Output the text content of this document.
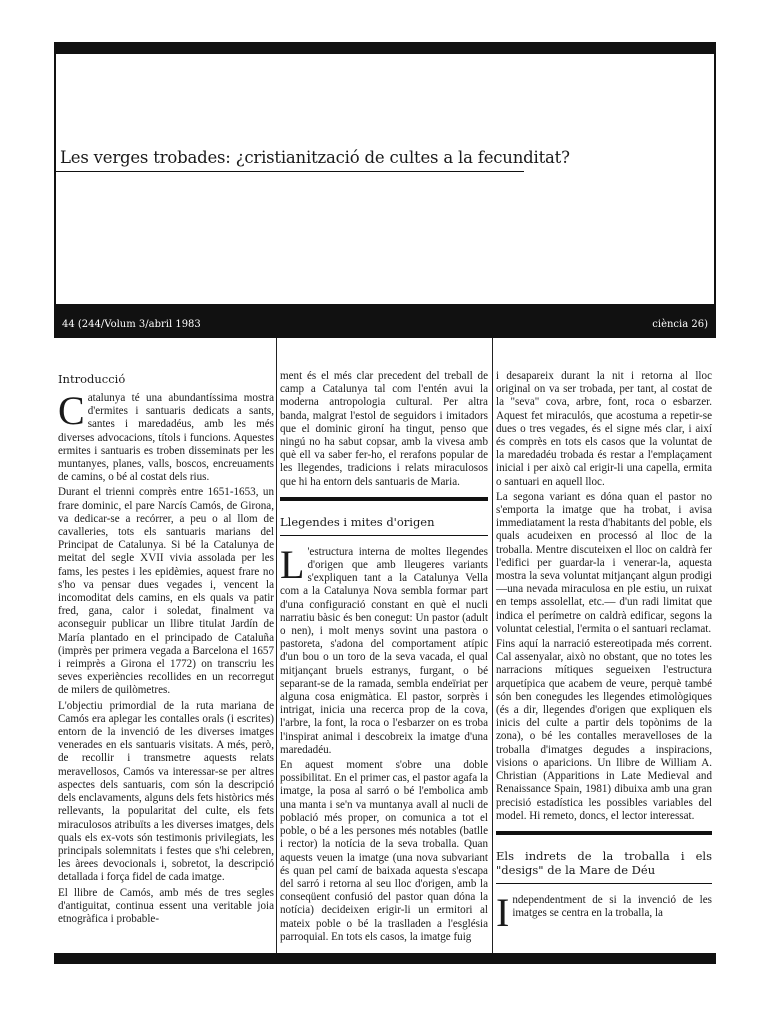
Les verges trobades: ¿cristianització de cultes a la fecunditat?
44 (244/Volum 3/abril 1983	ciència 26)
Introducció

Catalunya té una abundantíssima mostra d'ermites i santuaris dedicats a sants, santes i maredadéus, amb les més diverses advocacions, títols i funcions. Aquestes ermites i santuaris es troben disseminats per les muntanyes, planes, valls, boscos, encreuaments de camins, o bé al costat dels rius.

Durant el trienni comprès entre 1651-1653, un frare dominic, el pare Narcís Camós, de Girona, va dedicar-se a recórrer, a peu o al llom de cavalleries, tots els santuaris marians del Principat de Catalunya. Si bé la Catalunya de meitat del segle XVII vivia assolada per les fams, les pestes i les epidèmies, aquest frare no s'ho va pensar dues vegades i, vencent la incomoditat dels camins, en els quals va patir fred, gana, calor i soledat, finalment va aconseguir publicar un llibre titulat Jardín de María plantado en el principado de Cataluña (imprès per primera vegada a Barcelona el 1657 i reimprès a Girona el 1772) on transcriu les seves experiències recollides en un recorregut de milers de quilòmetres.

L'objectiu primordial de la ruta mariana de Camós era aplegar les contalles orals (i escrites) entorn de la invenció de les diverses imatges venerades en els santuaris visitats. A més, però, de recollir i transmetre aquests relats meravellosos, Camós va interessar-se per altres aspectes dels santuaris, com són la descripció dels enclavaments, alguns dels fets històrics més rellevants, la popularitat del culte, els fets miraculosos atribuïts a les diverses imatges, dels quals els ex-vots són testimonis privilegiats, les principals solemnitats i festes que s'hi celebren, les àrees devocionals i, sobretot, la descripció detallada i força fidel de cada imatge.

El llibre de Camós, amb més de tres segles d'antiguitat, continua essent una veritable joia etnogràfica i probable-

ment és el més clar precedent del treball de camp a Catalunya tal com l'entén avui la moderna antropologia cultural. Per altra banda, malgrat l'estol de seguidors i imitadors que el dominic gironí ha tingut, penso que ningú no ha sabut copsar, amb la vivesa amb què ell va saber fer-ho, el rerafons popular de les llegendes, tradicions i relats miraculosos que hi ha entorn dels santuaris de Maria.

Llegendes i mites d'origen

L 'estructura interna de moltes llegendes d'origen que amb lleugeres variants s'expliquen tant a la Catalunya Vella com a la Catalunya Nova sembla formar part d'una configuració constant en què el nucli narratiu bàsic és ben conegut: Un pastor (adult o nen), i molt menys sovint una pastora o pastoreta, s'adona del comportament atípic d'un bou o un toro de la seva vacada, el qual mitjançant bruels estranys, furgant, o bé separant-se de la ramada, sembla endeïriat per alguna cosa enigmàtica. El pastor, sorprès i intrigat, inicia una recerca prop de la cova, l'arbre, la font, la roca o l'esbarzer on es troba l'inspirat animal i descobreix la imatge d'una maredadéu.

En aquest moment s'obre una doble possibilitat. En el primer cas, el pastor agafa la imatge, la posa al sarró o bé l'embolica amb una manta i se'n va muntanya avall al nucli de població més proper, on comunica a tot el poble, o bé a les persones més notables (batlle i rector) la notícia de la seva troballa. Quan aquests veuen la imatge (una nova subvariant és quan pel camí de baixada aquesta s'escapa del sarró i retorna al seu lloc d'origen, amb la conseqüent confusió del pastor quan dóna la notícia) decideixen erigir-li un ermitori al mateix poble o bé la traslladen a l'església parroquial. En tots els casos, la imatge fuig

i desapareix durant la nit i retorna al lloc original on va ser trobada, per tant, al costat de la "seva" cova, arbre, font, roca o esbarzer. Aquest fet miraculós, que acostuma a repetir-se dues o tres vegades, és el signe més clar, i així és comprès en tots els casos que la voluntat de la maredadéu trobada és restar a l'emplaçament inicial i per això cal erigir-li una capella, ermita o santuari en aquell lloc.

La segona variant es dóna quan el pastor no s'emporta la imatge que ha trobat, i avisa immediatament la resta d'habitants del poble, els quals acudeixen en processó al lloc de la troballa. Mentre discuteixen el lloc on caldrà fer l'edifici per guardar-la i venerar-la, aquesta mostra la seva voluntat mitjançant algun prodigi —una nevada miraculosa en ple estiu, un ruixat en temps assolellat, etc.— d'un radi limitat que indica el perímetre on caldrà edificar, segons la voluntat celestial, l'ermita o el santuari reclamat.

Fins aquí la narració estereotipada més corrent. Cal assenyalar, això no obstant, que no totes les narracions mítiques segueixen l'estructura arquetípica que acabem de veure, perquè també són ben conegudes les llegendes etimològiques (és a dir, llegendes d'origen que expliquen els inicis del culte a partir dels topònims de la zona), o bé les contalles meravelloses de la troballa d'imatges degudes a inspiracions, visions o aparicions. Un llibre de William A. Christian (Apparitions in Late Medieval and Renaissance Spain, 1981) dibuixa amb una gran precisió estadística les possibles variables del model. Hi remeto, doncs, el lector interessat.

Els indrets de la troballa i els "desigs" de la Mare de Déu

Independentment de si la invenció de les imatges se centra en la troballa, la
